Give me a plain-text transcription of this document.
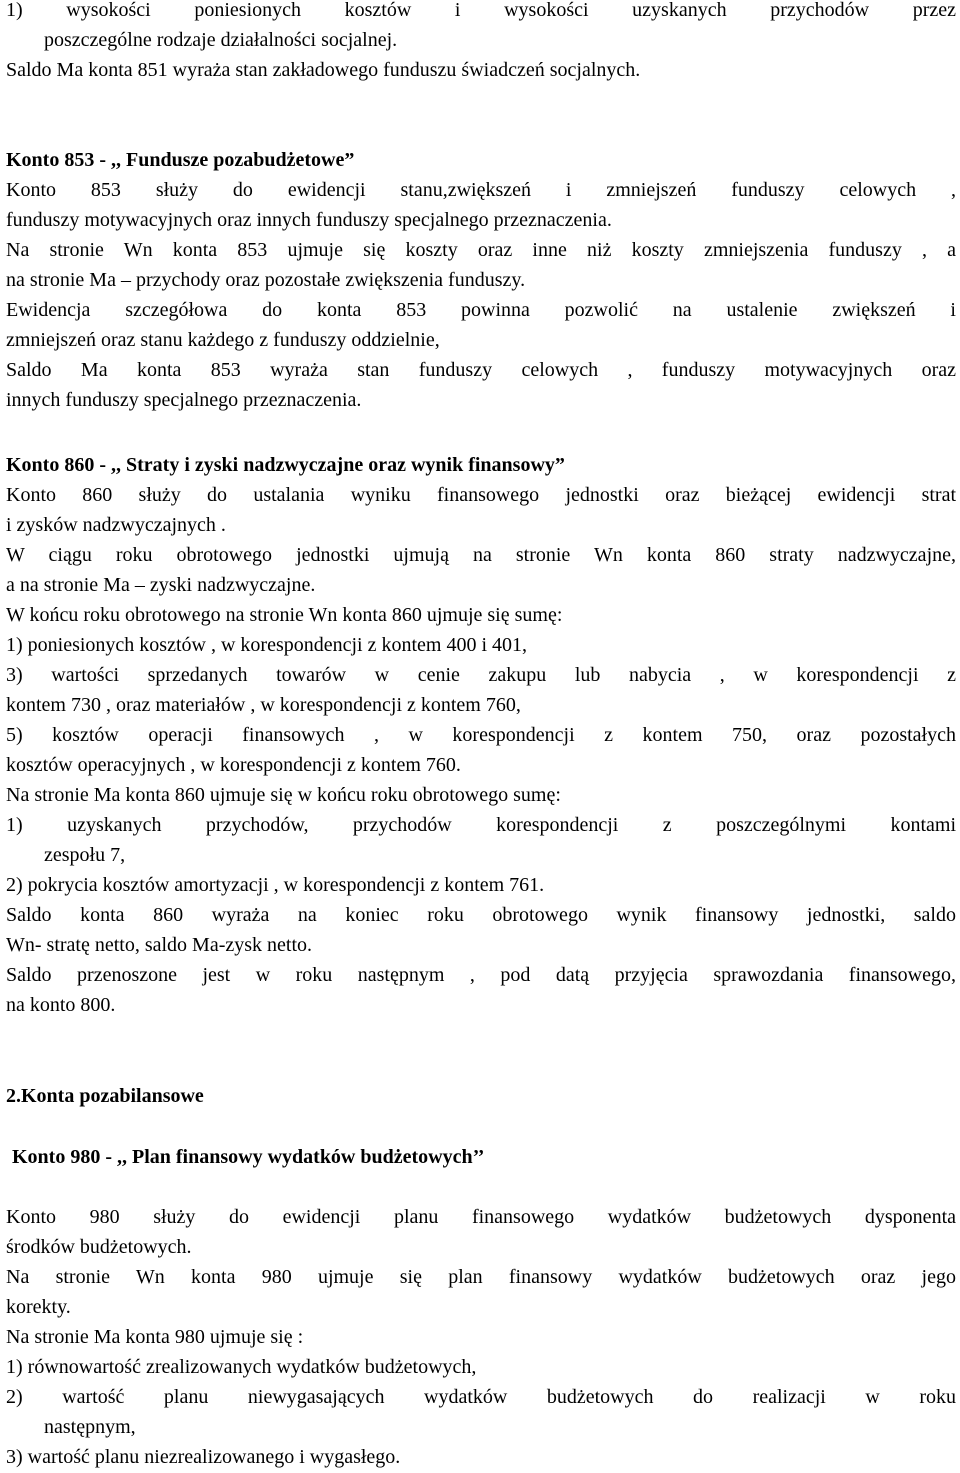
1) wysokości poniesionych kosztów i wysokości uzyskanych przychodów przez
poszczególne rodzaje działalności socjalnej.
Saldo Ma konta 851 wyraża stan zakładowego funduszu świadczeń socjalnych.
Konto 853 - ,, Fundusze pozabudżetowe”
Konto 853 służy do ewidencji stanu,zwiększeń i zmniejszeń funduszy celowych ,
funduszy motywacyjnych oraz innych funduszy specjalnego przeznaczenia.
Na stronie Wn konta 853 ujmuje się koszty oraz inne niż koszty zmniejszenia funduszy , a
na stronie Ma – przychody oraz pozostałe zwiększenia funduszy.
Ewidencja szczegółowa do konta 853 powinna pozwolić na ustalenie zwiększeń i
zmniejszeń oraz stanu każdego z funduszy oddzielnie,
Saldo Ma konta 853 wyraża stan funduszy celowych , funduszy motywacyjnych oraz
innych funduszy specjalnego przeznaczenia.
Konto 860 - ,, Straty i zyski nadzwyczajne oraz wynik finansowy”
Konto 860 służy do ustalania wyniku finansowego jednostki oraz bieżącej ewidencji strat
i zysków nadzwyczajnych .
W ciągu roku obrotowego jednostki ujmują na stronie Wn konta 860 straty nadzwyczajne,
a na stronie Ma – zyski nadzwyczajne.
W końcu roku obrotowego na stronie Wn konta 860 ujmuje się sumę:
1) poniesionych kosztów , w korespondencji z kontem 400 i 401,
3) wartości sprzedanych towarów w cenie zakupu lub nabycia , w korespondencji z
kontem 730 , oraz materiałów , w korespondencji z kontem 760,
5) kosztów operacji finansowych , w korespondencji z kontem 750, oraz pozostałych
kosztów operacyjnych , w korespondencji z kontem 760.
Na stronie Ma konta 860 ujmuje się w końcu roku obrotowego sumę:
1) uzyskanych przychodów, przychodów korespondencji z poszczególnymi kontami
zespołu 7,
2) pokrycia kosztów amortyzacji , w korespondencji z kontem 761.
Saldo konta 860 wyraża na koniec roku obrotowego wynik finansowy jednostki, saldo
Wn- stratę netto, saldo Ma-zysk netto.
Saldo przenoszone jest w roku następnym , pod datą przyjęcia sprawozdania finansowego,
na konto 800.
2.Konta pozabilansowe
Konto 980 - ,, Plan finansowy wydatków budżetowych’’
Konto 980 służy do ewidencji planu finansowego wydatków budżetowych dysponenta
środków budżetowych.
Na stronie Wn konta 980 ujmuje się plan finansowy wydatków budżetowych oraz jego
korekty.
Na stronie Ma konta 980 ujmuje się :
1) równowartość zrealizowanych wydatków budżetowych,
2) wartość planu niewygasających wydatków budżetowych do realizacji w roku
następnym,
3) wartość planu niezrealizowanego i wygasłego.
